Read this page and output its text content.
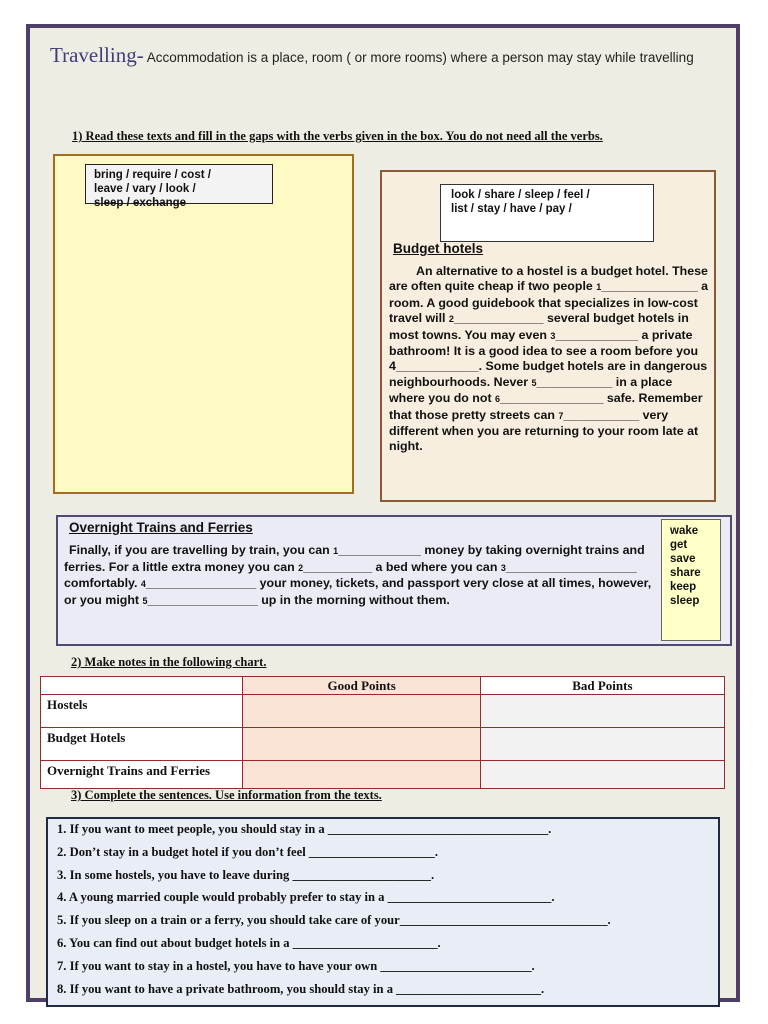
Travelling- Accommodation is a place, room ( or more rooms) where a person may stay while travelling
1) Read these texts and fill in the gaps with the verbs given in the box. You do not need all the verbs.
bring / require / cost /
leave / vary / look /
sleep / exchange
look / share / sleep / feel /
list / stay / have / pay /
Budget hotels
An alternative to a hostel is a budget hotel. These are often quite cheap if two people 1______________ a room. A good guidebook that specializes in low-cost travel will 2_____________ several budget hotels in most towns. You may even 3____________ a private bathroom! It is a good idea to see a room before you 4____________. Some budget hotels are in dangerous neighbourhoods. Never 5___________ in a place where you do not 6_______________ safe. Remember that those pretty streets can 7___________ very different when you are returning to your room late at night.
Overnight Trains and Ferries
Finally, if you are travelling by train, you can 1____________ money by taking overnight trains and ferries. For a little extra money you can 2__________ a bed where you can 3___________________ comfortably. 4________________ your money, tickets, and passport very close at all times, however, or you might 5________________ up in the morning without them.
wake
get
save
share
keep
sleep
2) Make notes in the following chart.
	Good Points	Bad Points
Hostels		
Budget Hotels		
Overnight Trains and Ferries		
3) Complete the sentences. Use information from the texts.
1. If you want to meet people, you should stay in a ___________________________________.
2. Don’t stay in a budget hotel if you don’t feel ____________________.
3. In some hostels, you have to leave during ______________________.
4. A young married couple would probably prefer to stay in a __________________________.
5. If you sleep on a train or a ferry, you should take care of your_________________________________.
6. You can find out about budget hotels in a _______________________.
7. If you want to stay in a hostel, you have to have your own ________________________.
8. If you want to have a private bathroom, you should stay in a _______________________.
